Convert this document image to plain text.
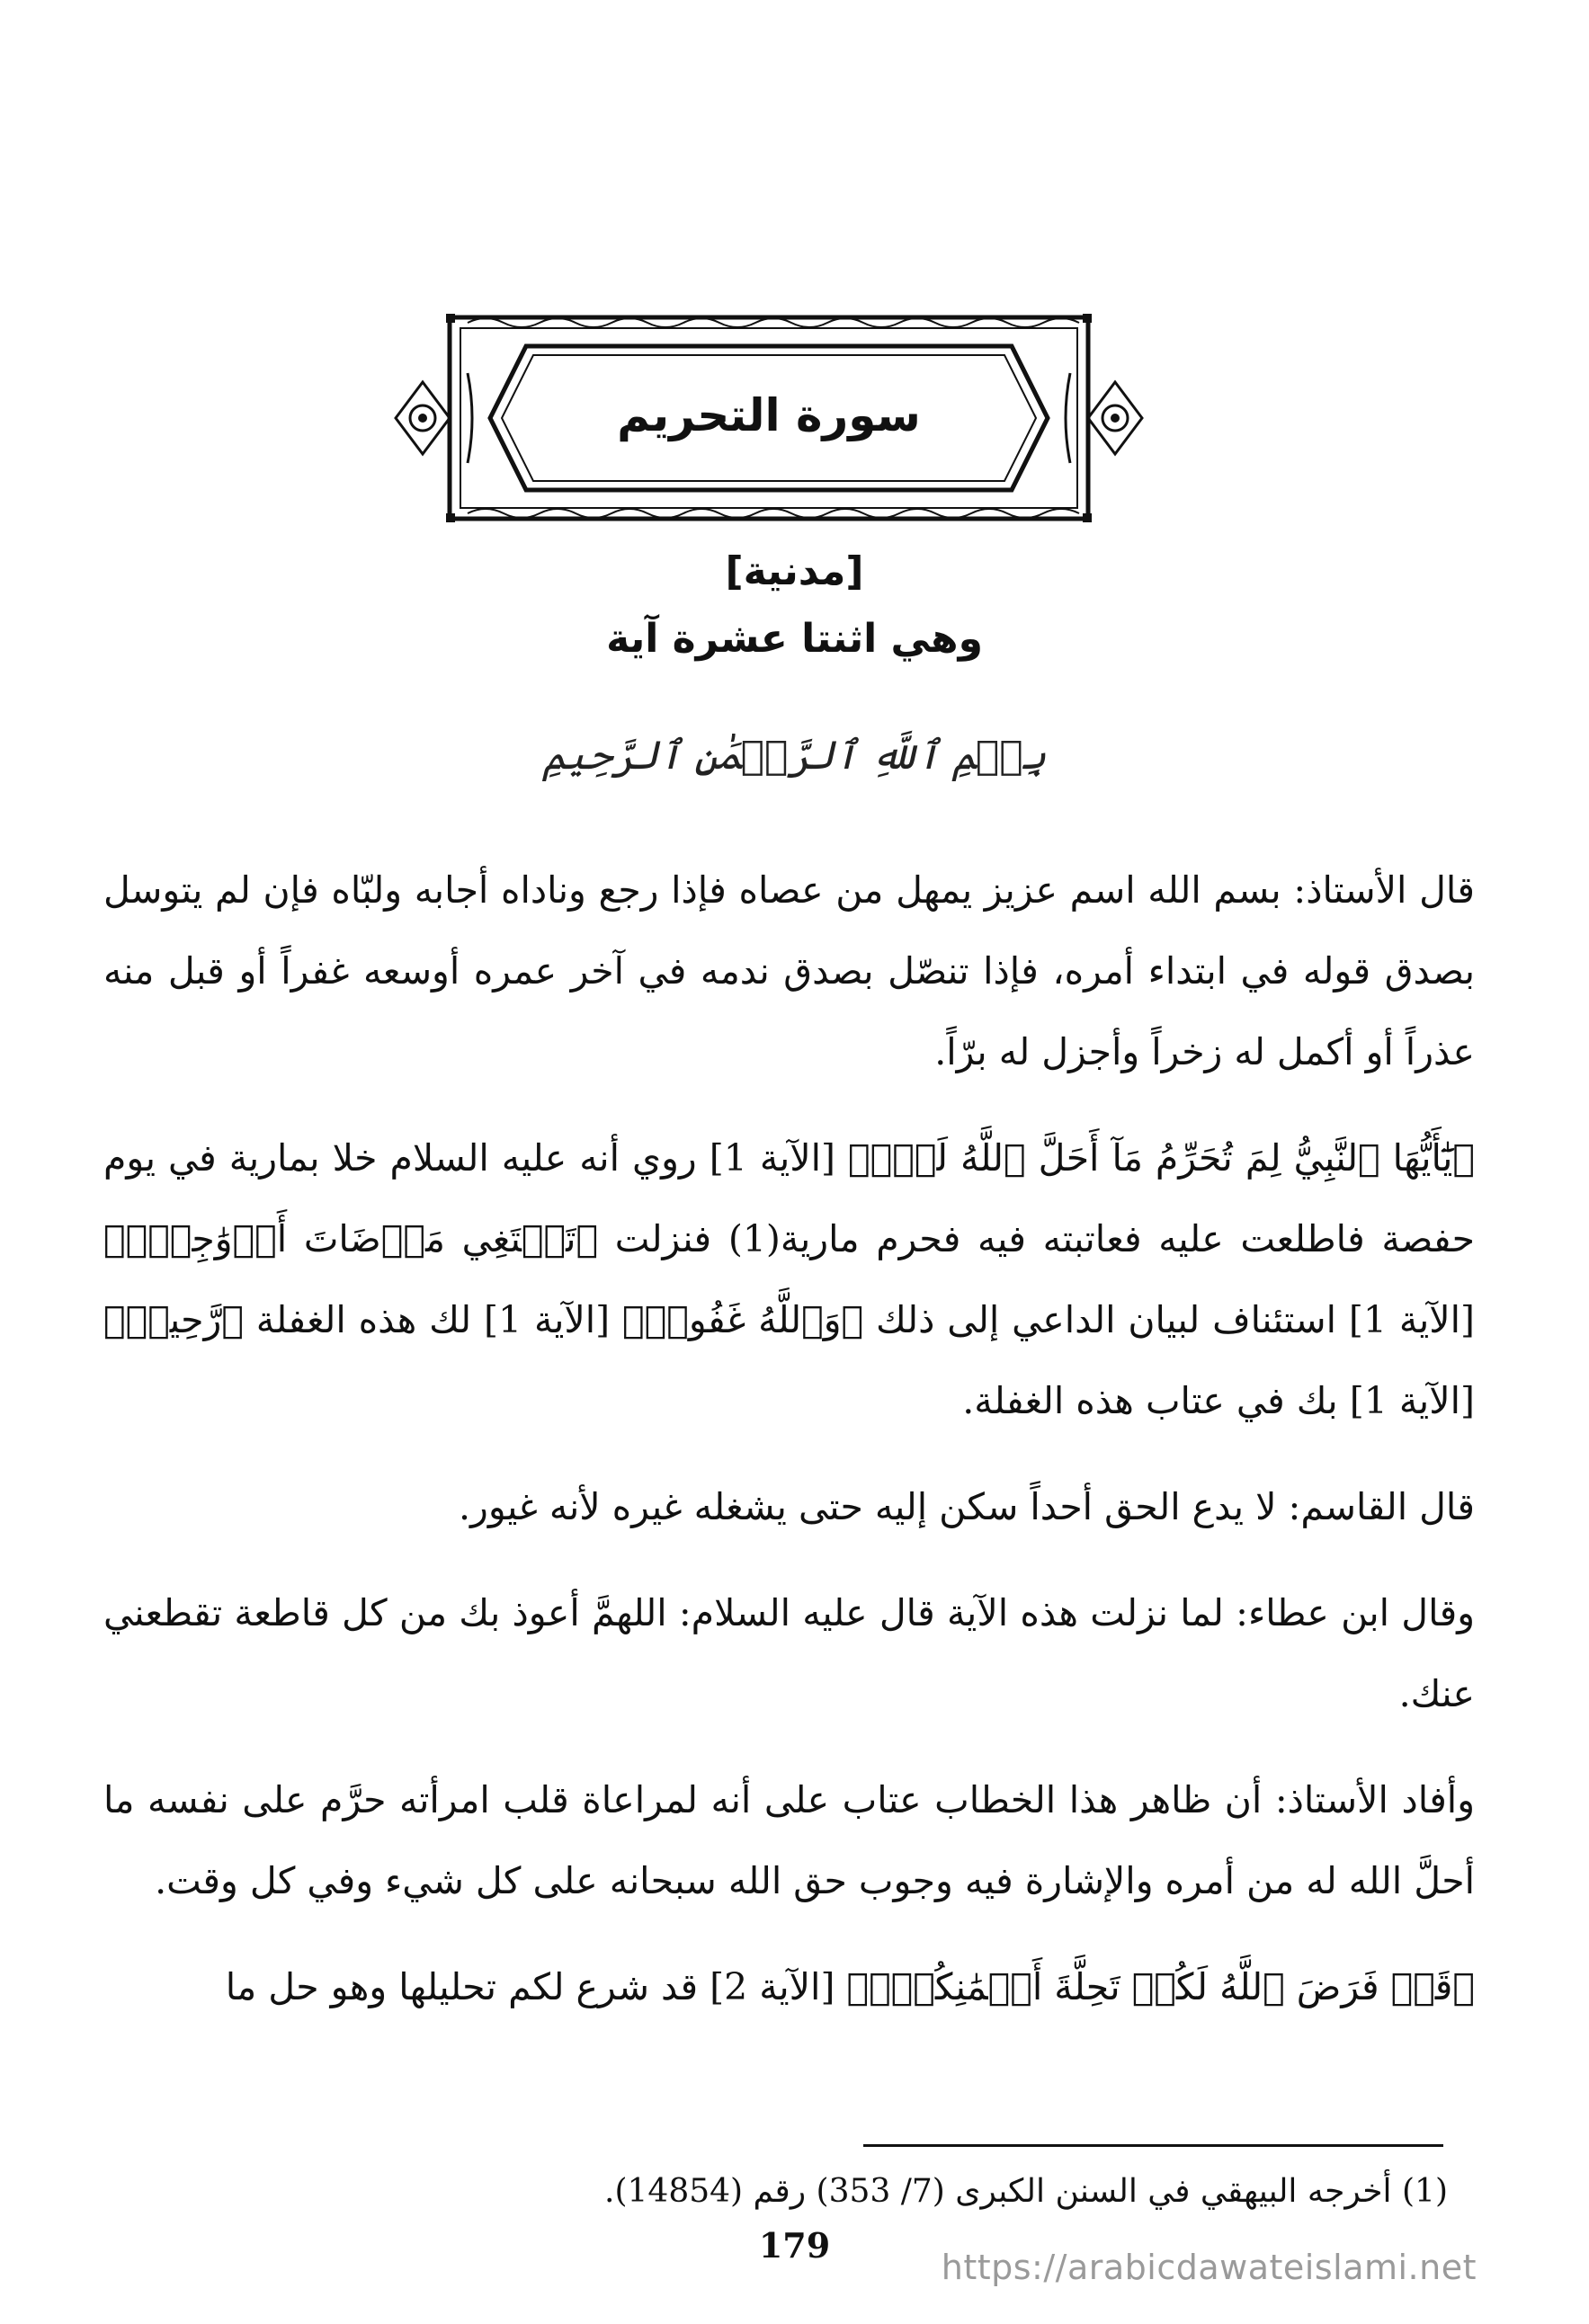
سورة التحريم
[مدنية]
وهي اثنتا عشرة آية
بِسۡمِ ٱللَّهِ ٱلرَّحۡمَٰنِ ٱلرَّحِيمِ
قال الأستاذ: بسم الله اسم عزيز يمهل من عصاه فإذا رجع وناداه أجابه ولبّاه فإن لم يتوسل بصدق قوله في ابتداء أمره، فإذا تنصّل بصدق ندمه في آخر عمره أوسعه غفراً أو قبل منه عذراً أو أكمل له زخراً وأجزل له برّاً.
﴿يَٰٓأَيُّهَا ٱلنَّبِيُّ لِمَ تُحَرِّمُ مَآ أَحَلَّ ٱللَّهُ لَكَۖ﴾ [الآية 1] روي أنه عليه السلام خلا بمارية في يوم حفصة فاطلعت عليه فعاتبته فيه فحرم مارية(1) فنزلت ﴿تَبۡتَغِي مَرۡضَاتَ أَزۡوَٰجِكَۚ﴾ [الآية 1] استئناف لبيان الداعي إلى ذلك ﴿وَٱللَّهُ غَفُورٞ﴾ [الآية 1] لك هذه الغفلة ﴿رَّحِيمٞ﴾ [الآية 1] بك في عتاب هذه الغفلة.
قال القاسم: لا يدع الحق أحداً سكن إليه حتى يشغله غيره لأنه غيور.
وقال ابن عطاء: لما نزلت هذه الآية قال عليه السلام: اللهمَّ أعوذ بك من كل قاطعة تقطعني عنك.
وأفاد الأستاذ: أن ظاهر هذا الخطاب عتاب على أنه لمراعاة قلب امرأته حرَّم على نفسه ما أحلَّ الله له من أمره والإشارة فيه وجوب حق الله سبحانه على كل شيء وفي كل وقت.
﴿قَدۡ فَرَضَ ٱللَّهُ لَكُمۡ تَحِلَّةَ أَيۡمَٰنِكُمۡۚ﴾ [الآية 2] قد شرع لكم تحليلها وهو حل ما
(1) أخرجه البيهقي في السنن الكبرى (7/ 353) رقم (14854).
179
https://arabicdawateislami.net
